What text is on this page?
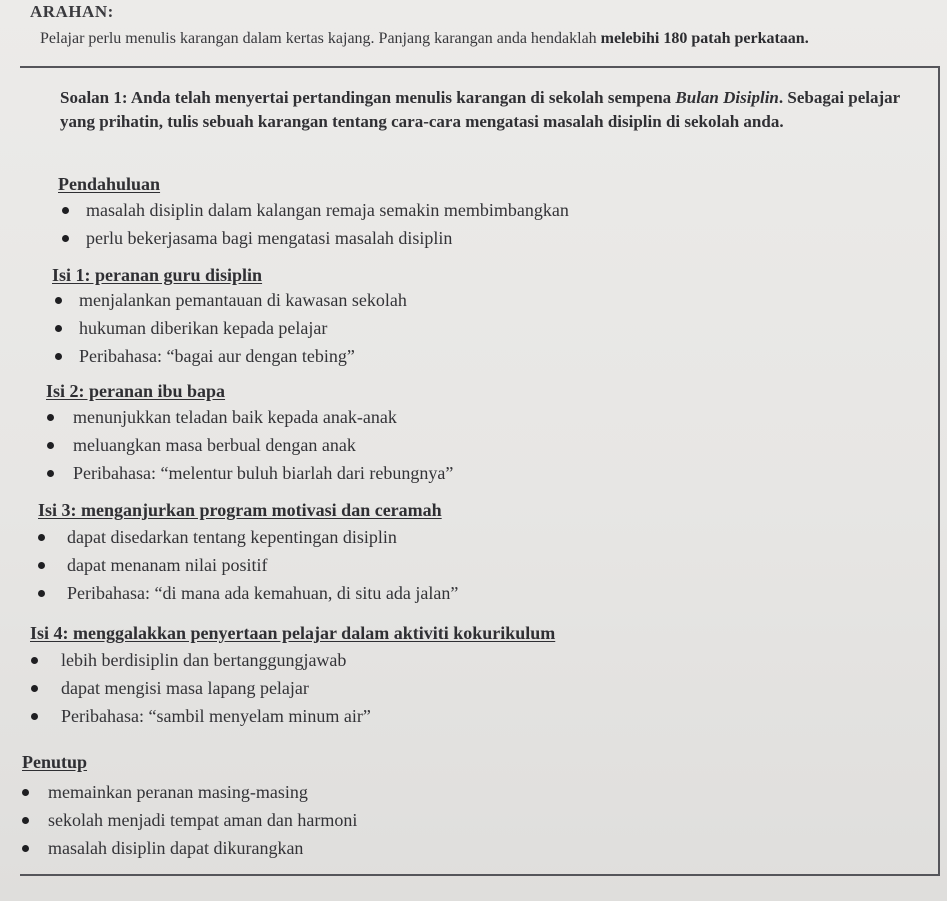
ARAHAN:
Pelajar perlu menulis karangan dalam kertas kajang. Panjang karangan anda hendaklah melebihi 180 patah perkataan.
Soalan 1: Anda telah menyertai pertandingan menulis karangan di sekolah sempena Bulan Disiplin. Sebagai pelajar yang prihatin, tulis sebuah karangan tentang cara-cara mengatasi masalah disiplin di sekolah anda.
Pendahuluan
masalah disiplin dalam kalangan remaja semakin membimbangkan
perlu bekerjasama bagi mengatasi masalah disiplin
Isi 1: peranan guru disiplin
menjalankan pemantauan di kawasan sekolah
hukuman diberikan kepada pelajar
Peribahasa: “bagai aur dengan tebing”
Isi 2: peranan ibu bapa
menunjukkan teladan baik kepada anak-anak
meluangkan masa berbual dengan anak
Peribahasa: “melentur buluh biarlah dari rebungnya”
Isi 3: menganjurkan program motivasi dan ceramah
dapat disedarkan tentang kepentingan disiplin
dapat menanam nilai positif
Peribahasa: “di mana ada kemahuan, di situ ada jalan”
Isi 4: menggalakkan penyertaan pelajar dalam aktiviti kokurikulum
lebih berdisiplin dan bertanggungjawab
dapat mengisi masa lapang pelajar
Peribahasa: “sambil menyelam minum air”
Penutup
memainkan peranan masing-masing
sekolah menjadi tempat aman dan harmoni
masalah disiplin dapat dikurangkan
